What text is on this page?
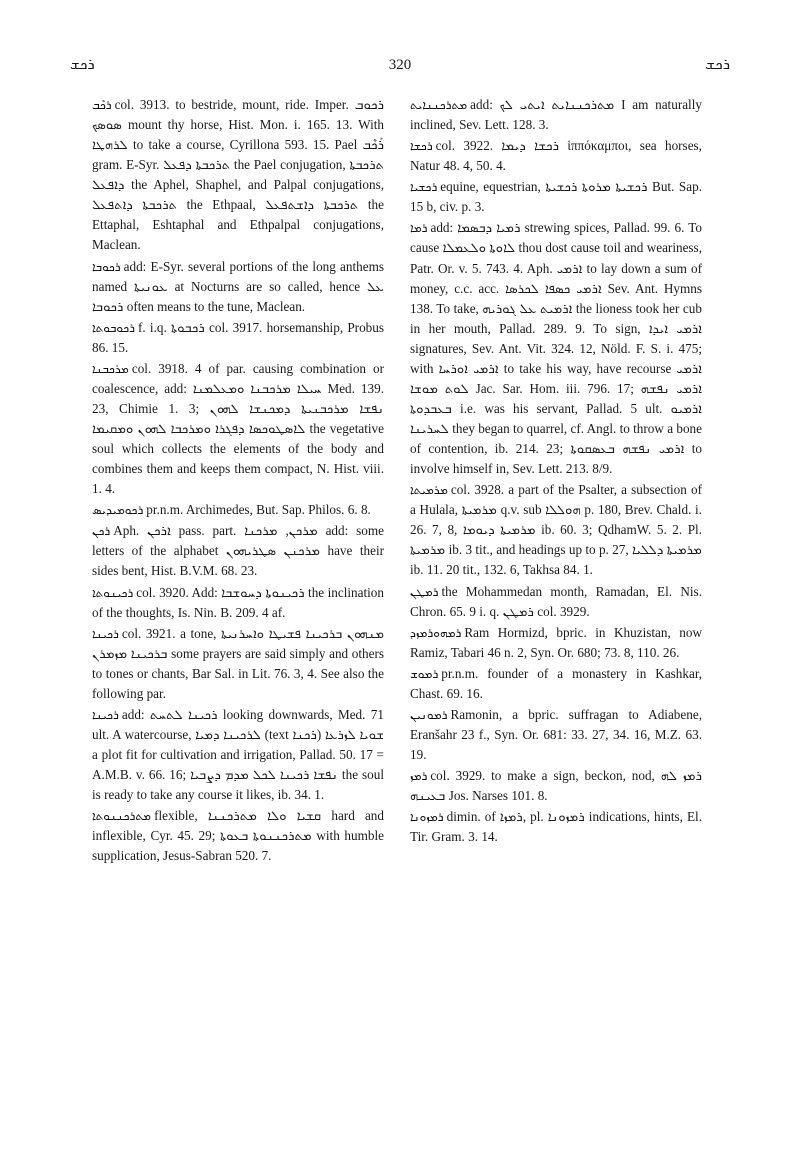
ܪܟܫ	320	ܪܟܫ

ܪܟܶܒ col. 3913. to bestride, mount, ride. Imper. ܪܟܘܒ ܣܘܣܟ mount thy horse, Hist. Mon. i. 165. 13. With ܠܪܗܛܐ to take a course, Cyrillona 593. 15. Pael ܪܰܟܶܒ gram. E-Syr. ܬܪܟܒܬܐ ܕܦܥܠ the Pael conjugation, ܬܪܟܒܬܐ ܕܐܦܥܠ the Aphel, Shaphel, and Palpal conjugations, ܬܪܟܒܬܐ ܕܐܬܦܥܠ the Ethpaal, ܬܪܟܒܬܐ ܕܐܫܬܦܥܠ the Ettaphal, Eshtaphal and Ethpalpal conjugations, Maclean.

ܪܟܘܒܐ add: E-Syr. several portions of the long anthems named ܥܘܢܝܬܐ at Nocturns are so called, hence ܥܠ ܪܟܘܒܐ often means to the tune, Maclean.

ܪܟܘܒܘܬܐ f. i.q. ܪܟܒܘܬܐ col. 3917. horsemanship, Probus 86. 15.

ܡܪܟܒܢܐ col. 3918. 4 of par. causing combination or coalescence, add: ܚܝܠܐ ܡܪܟܒܢܐ ܘܡܥܠܡܢܐ Med. 139. 23, Chimie 1. 3; ܢܦܫܐ ܡܪܟܒܢܝܬܐ ܕܡܟܢܫܐ ܠܗܘܢ ܠܐܣܛܘܟܣܐ ܕܦܓܪܐ ܘܡܪܟܒܐ ܠܗܘܢ ܘܡܩܝܡܐ the vegetative soul which collects the elements of the body and combines them and keeps them compact, N. Hist. viii. 1. 4.

ܪܟܘܡܝܕܝܣ pr.n.m. Archimedes, But. Sap. Philos. 6. 8.

ܪܟܢ Aph. ܐܪܟܢ pass. part. ܡܪܟܢ, ܡܪܟܢܐ add: some letters of the alphabet ܡܪܟܢܢ ܣܛܪܝܗܘܢ have their sides bent, Hist. B.V.M. 68. 23.

ܪܟܝܢܘܬܐ col. 3920. Add: ܪܟܝܢܘܬܐ ܕܚܘܫܒܐ the inclination of the thoughts, Is. Nin. B. 209. 4 af.

ܪܟܝܢܐ col. 3921. a tone, ܡܢܗܘܢ ܒܪܟܝܢܐ ܦܫܝܛܐ ܘܐܚܪܢܝܬܐ ܒܪܟܝܢܐ ܡܙܡܪܢ some prayers are said simply and others to tones or chants, Bar Sal. in Lit. 76. 3, 4. See also the following par.

ܪܟܝܢܐ add: ܪܟܝܢܐ ܠܬܚܬ looking downwards, Med. 71 ult. A watercourse, ܠܪܟܝܢܐ ܕܡܝܐ (text ܪܟܢܐ) ܫܘܝܐ ܠܙܪܥܐ a plot fit for cultivation and irrigation, Pallad. 50. 17 = A.M.B. v. 66. 16; ܢܦܫܐ ܪܟܝܢܐ ܠܟܠ ܡܕܡ ܕܨܒܝܐ the soul is ready to take any course it likes, ib. 34. 1.

ܡܬܪܟܢܢܘܬܐ flexible, ܩܫܝܐ ܘܠܐ ܡܬܪܟܢܢܐ hard and inflexible, Cyr. 45. 29; ܡܬܪܟܢܢܘܬܐ ܒܥܘܬܐ with humble supplication, Jesus-Sabran 520. 7.

ܡܬܪܟܢܢܐܝܬ add: ܡܬܪܟܢܢܐܝܬ ܐܝܬܝ ܠܟ I am naturally inclined, Sev. Lett. 128. 3.

ܪܟܫܐ col. 3922. ܪܟܫܐ ܕܝܡܐ ἱππόκαμποι, sea horses, Natur 48. 4, 50. 4.

ܪܟܫܝܐ equine, equestrian, ܪܟܫܝܬܐ ܡܪܘܬܐ ܪܟܫܝܬܐ But. Sap. 15 b, civ. p. 3.

ܪܡܐ add: ܪܡܝܐ ܕܒܣܡܐ strewing spices, Pallad. 99. 6. To cause ܠܐܘܬܐ ܘܠܥܡܠܐ thou dost cause toil and weariness, Patr. Or. v. 5. 743. 4. Aph. ܐܪܡܝ to lay down a sum of money, c.c. acc. ܐܪܡܝ ܟܣܦܐ ܠܟܪܣܐ Sev. Ant. Hymns 138. To take, ܐܪܡܝܬ ܥܠ ܓܘܪܝܗ the lioness took her cub in her mouth, Pallad. 289. 9. To sign, ܐܪܡܝ ܐܝܕܐ signatures, Sev. Ant. Vit. 324. 12, Nöld. F. S. i. 475; with ܐܪܡܝ ܐܘܪܚܐ to take his way, have recourse ܐܪܡܝ ܠܘܬ ܡܘܫܐ Jac. Sar. Hom. iii. 796. 17; ܐܪܡܝ ܢܦܫܗ ܒܥܒܕܘܬܐ i.e. was his servant, Pallad. 5 ult. ܐܪܡܝܘ ܠܚܪܝܢܐ they began to quarrel, cf. Angl. to throw a bone of contention, ib. 214. 23; ܐܪܡܝ ܢܦܫܗ ܒܥܣܩܘܬܐ to involve himself in, Sev. Lett. 213. 8/9.

ܡܪܡܝܬܐ col. 3928. a part of the Psalter, a subsection of a Hulala, ܡܪܡܝܬܐ q.v. sub ܗܘܠܠܐ p. 180, Brev. Chald. i. 26. 7, 8, ܡܪܡܝܬܐ ܕܝܘܡܐ ib. 60. 3; QdhamW. 5. 2. Pl. ܡܪܡܝܬܐ ib. 3 tit., and headings up to p. 27, ܡܪܡܝܬܐ ܕܠܠܝܐ ib. 11. 20 tit., 132. 6, Takhsa 84. 1.

ܪܡܛܢ the Mohammedan month, Ramadan, El. Nis. Chron. 65. 9 i. q. ܪܡܛܢ col. 3929.

ܪܡܗܘܪܡܙܕ Ram Hormizd, bpric. in Khuzistan, now Ramiz, Tabari 46 n. 2, Syn. Or. 680; 73. 8, 110. 26.

ܪܡܘܫ pr.n.m. founder of a monastery in Kashkar, Chast. 69. 16.

ܪܡܘܢܝܢ Ramonin, a bpric. suffragan to Adiabene, Eranšahr 23 f., Syn. Or. 681: 33. 27, 34. 16, M.Z. 63. 19.

ܪܡܙ col. 3929. to make a sign, beckon, nod, ܪܡܙ ܠܗ ܒܥܝܢܗ Jos. Narses 101. 8.

ܪܡܙܘܢܐ dimin. of ܪܡܙܐ, pl. ܪܡܙܘܢܐ indications, hints, El. Tir. Gram. 3. 14.
